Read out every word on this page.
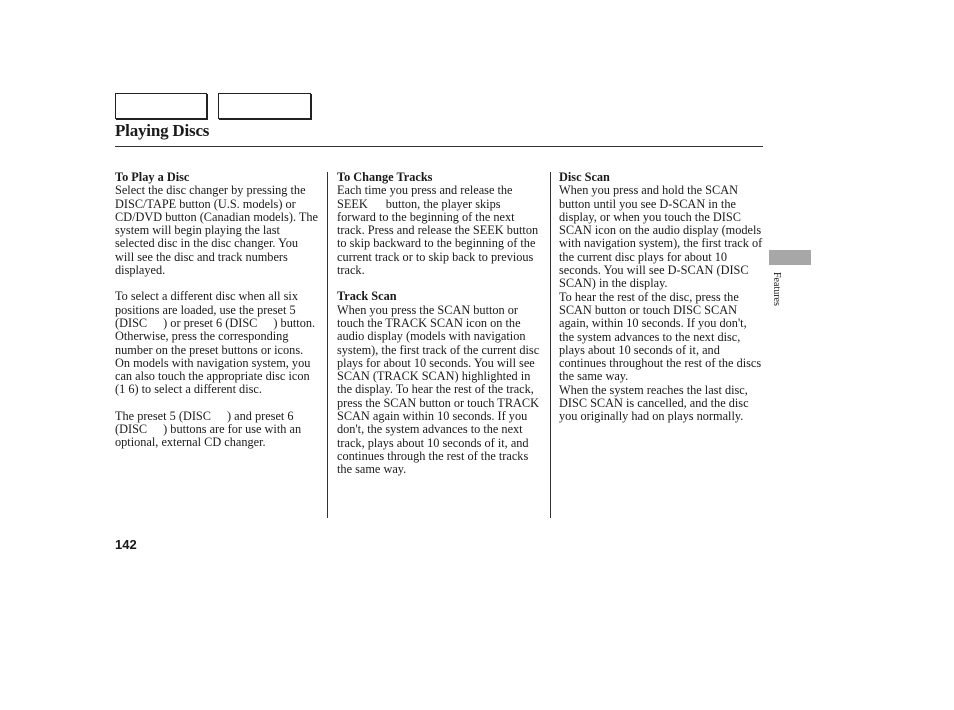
Playing Discs
To Play a Disc

Select the disc changer by pressing the DISC/TAPE button (U.S. models) or CD/DVD button (Canadian models). The system will begin playing the last selected disc in the disc changer. You will see the disc and track numbers displayed.

To select a different disc when all six positions are loaded, use the preset 5 (DISC ) or preset 6 (DISC ) button. Otherwise, press the corresponding number on the preset buttons or icons. On models with navigation system, you can also touch the appropriate disc icon (1 6) to select a different disc.

The preset 5 (DISC ) and preset 6 (DISC ) buttons are for use with an optional, external CD changer.

To Change Tracks

Each time you press and release the SEEK button, the player skips forward to the beginning of the next track. Press and release the SEEK button to skip backward to the beginning of the current track or to skip back to previous track.

Track Scan

When you press the SCAN button or touch the TRACK SCAN icon on the audio display (models with navigation system), the first track of the current disc plays for about 10 seconds. You will see SCAN (TRACK SCAN) highlighted in the display. To hear the rest of the track, press the SCAN button or touch TRACK SCAN again within 10 seconds. If you don't, the system advances to the next track, plays about 10 seconds of it, and continues through the rest of the tracks the same way.

Disc Scan

When you press and hold the SCAN button until you see D-SCAN in the display, or when you touch the DISC SCAN icon on the audio display (models with navigation system), the first track of the current disc plays for about 10 seconds. You will see D-SCAN (DISC SCAN) in the display.

To hear the rest of the disc, press the SCAN button or touch DISC SCAN again, within 10 seconds. If you don't, the system advances to the next disc, plays about 10 seconds of it, and continues throughout the rest of the discs the same way.

When the system reaches the last disc, DISC SCAN is cancelled, and the disc you originally had on plays normally.

Features
142
